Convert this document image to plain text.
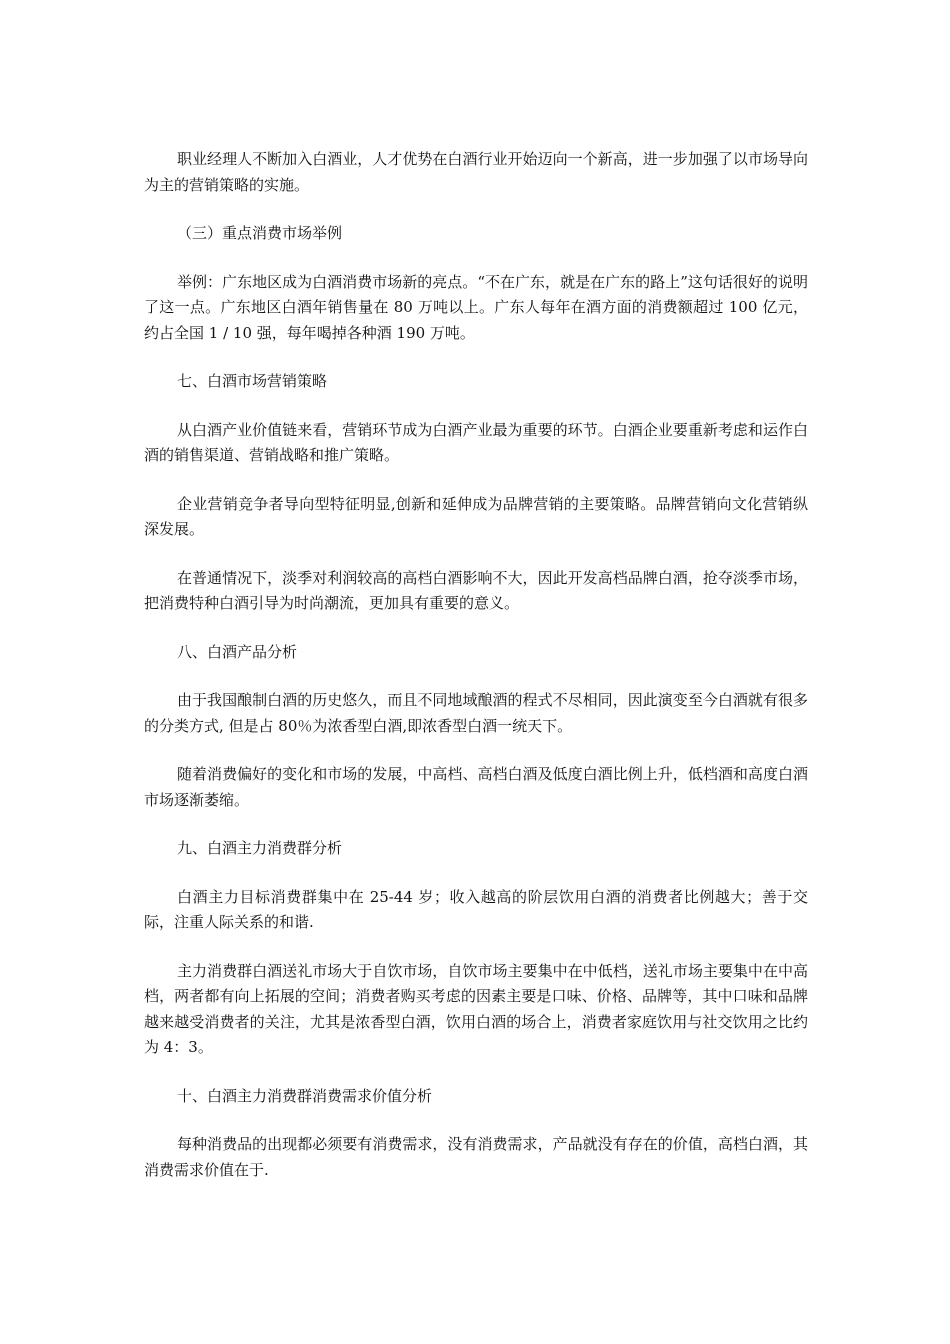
职业经理人不断加入白酒业，人才优势在白酒行业开始迈向一个新高，进一步加强了以市场导向为主的营销策略的实施。

（三）重点消费市场举例

举例：广东地区成为白酒消费市场新的亮点。“不在广东，就是在广东的路上”这句话很好的说明了这一点。广东地区白酒年销售量在 80 万吨以上。广东人每年在酒方面的消费额超过 100 亿元，约占全国 1 / 10 强，每年喝掉各种酒 190 万吨。

七、白酒市场营销策略

从白酒产业价值链来看，营销环节成为白酒产业最为重要的环节。白酒企业要重新考虑和运作白酒的销售渠道、营销战略和推广策略。

企业营销竞争者导向型特征明显,创新和延伸成为品牌营销的主要策略。品牌营销向文化营销纵深发展。

在普通情况下，淡季对利润较高的高档白酒影响不大，因此开发高档品牌白酒，抢夺淡季市场，把消费特种白酒引导为时尚潮流，更加具有重要的意义。

八、白酒产品分析

由于我国酿制白酒的历史悠久，而且不同地域酿酒的程式不尽相同，因此演变至今白酒就有很多的分类方式, 但是占 80％为浓香型白酒,即浓香型白酒一统天下。

随着消费偏好的变化和市场的发展，中高档、高档白酒及低度白酒比例上升，低档酒和高度白酒市场逐渐萎缩。

九、白酒主力消费群分析

白酒主力目标消费群集中在 25-44 岁；收入越高的阶层饮用白酒的消费者比例越大；善于交际，注重人际关系的和谐.

主力消费群白酒送礼市场大于自饮市场，自饮市场主要集中在中低档，送礼市场主要集中在中高档，两者都有向上拓展的空间；消费者购买考虑的因素主要是口味、价格、品牌等，其中口味和品牌越来越受消费者的关注，尤其是浓香型白酒，饮用白酒的场合上，消费者家庭饮用与社交饮用之比约为 4：3。

十、白酒主力消费群消费需求价值分析

每种消费品的出现都必须要有消费需求，没有消费需求，产品就没有存在的价值，高档白酒，其消费需求价值在于.
